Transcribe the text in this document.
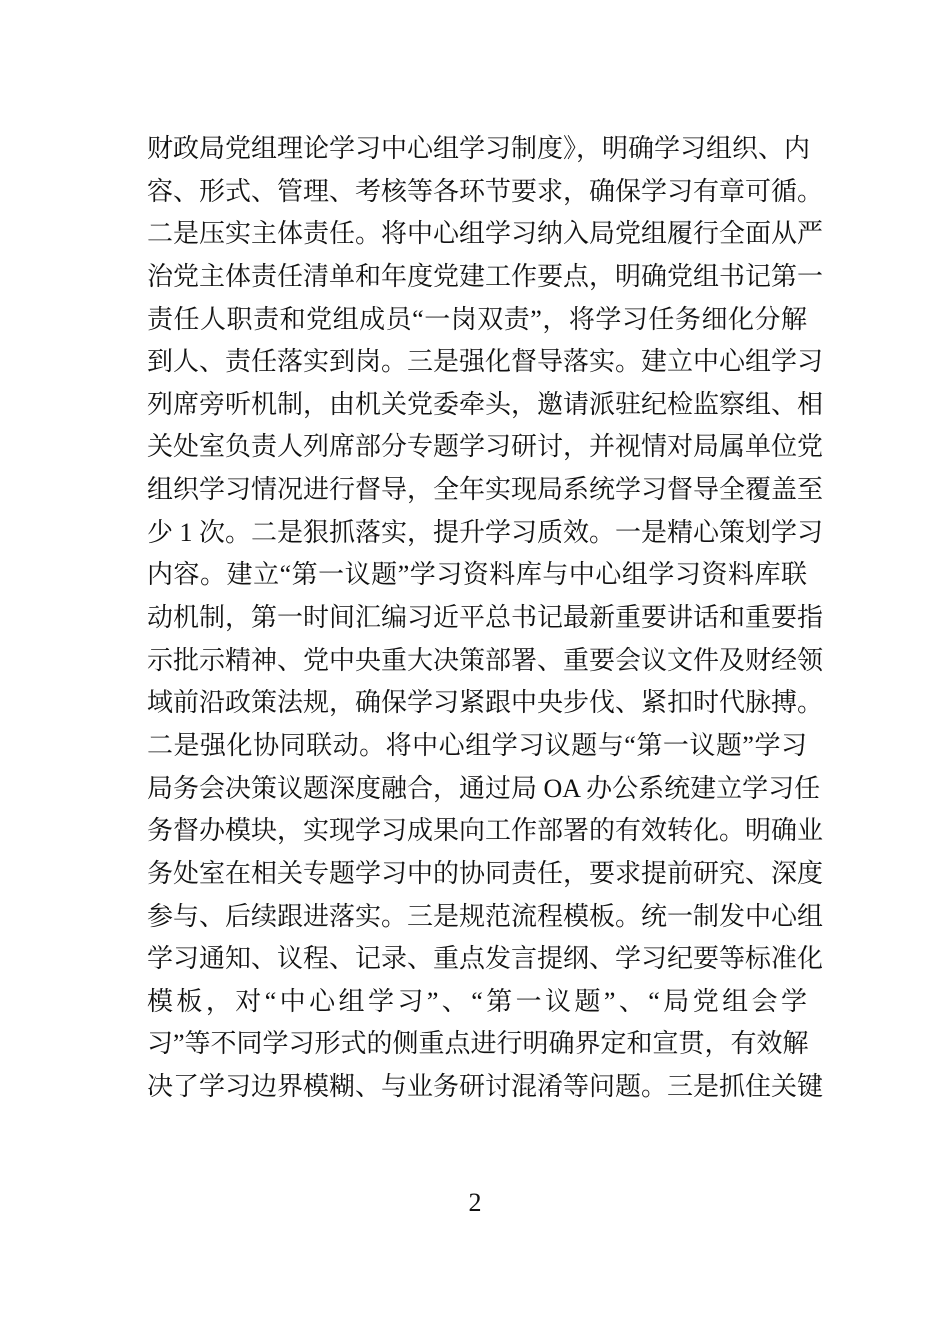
财政局党组理论学习中心组学习制度》，明确学习组织、内
容、形式、管理、考核等各环节要求，确保学习有章可循。
二是压实主体责任。将中心组学习纳入局党组履行全面从严
治党主体责任清单和年度党建工作要点，明确党组书记第一
责任人职责和党组成员“一岗双责”，将学习任务细化分解
到人、责任落实到岗。三是强化督导落实。建立中心组学习
列席旁听机制，由机关党委牵头，邀请派驻纪检监察组、相
关处室负责人列席部分专题学习研讨，并视情对局属单位党
组织学习情况进行督导，全年实现局系统学习督导全覆盖至
少 1 次。二是狠抓落实，提升学习质效。一是精心策划学习
内容。建立“第一议题”学习资料库与中心组学习资料库联
动机制，第一时间汇编习近平总书记最新重要讲话和重要指
示批示精神、党中央重大决策部署、重要会议文件及财经领
域前沿政策法规，确保学习紧跟中央步伐、紧扣时代脉搏。
二是强化协同联动。将中心组学习议题与“第一议题”学习
局务会决策议题深度融合，通过局 OA 办公系统建立学习任
务督办模块，实现学习成果向工作部署的有效转化。明确业
务处室在相关专题学习中的协同责任，要求提前研究、深度
参与、后续跟进落实。三是规范流程模板。统一制发中心组
学习通知、议程、记录、重点发言提纲、学习纪要等标准化
模板，对“中心组学习”、“第一议题”、“局党组会学
习”等不同学习形式的侧重点进行明确界定和宣贯，有效解
决了学习边界模糊、与业务研讨混淆等问题。三是抓住关键
2
